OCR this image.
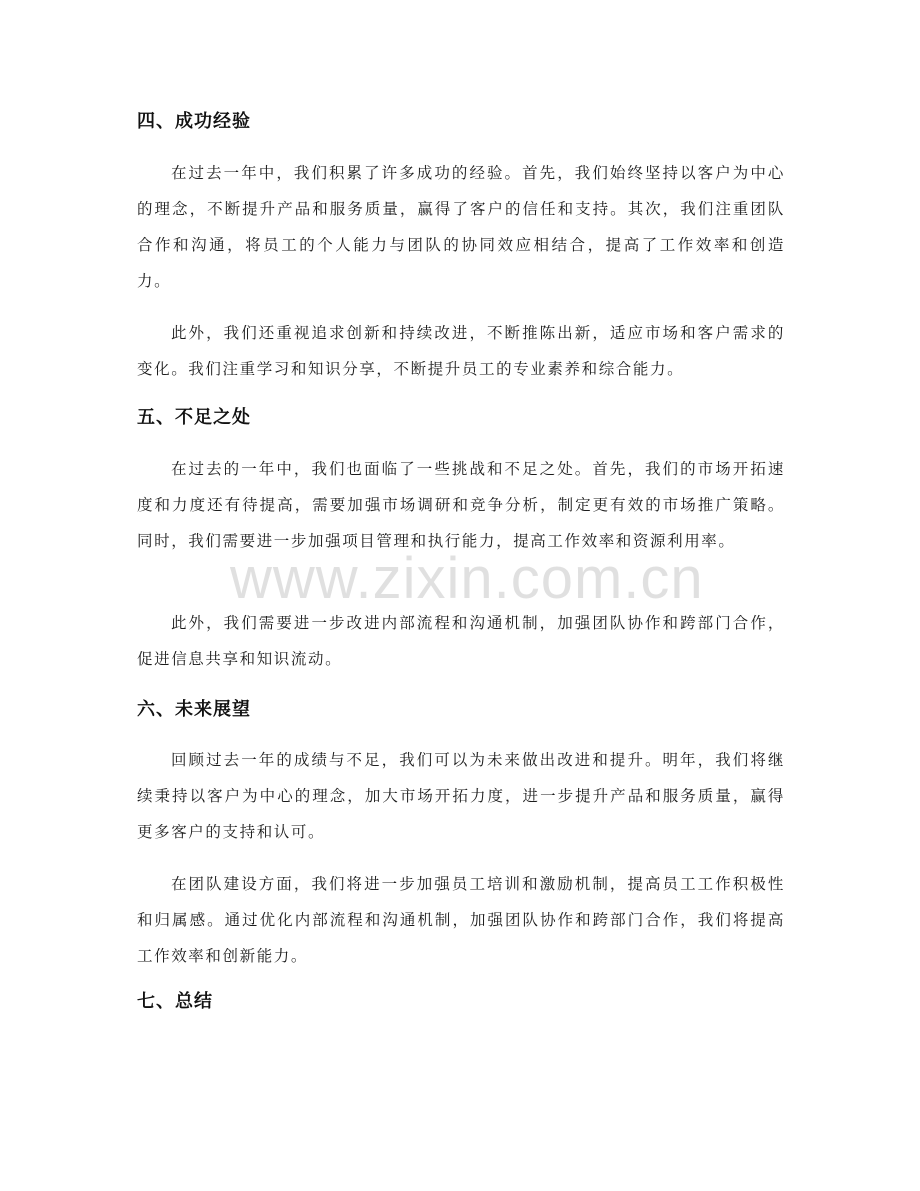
四、成功经验

在过去一年中，我们积累了许多成功的经验。首先，我们始终坚持以客户为中心的理念，不断提升产品和服务质量，赢得了客户的信任和支持。其次，我们注重团队合作和沟通，将员工的个人能力与团队的协同效应相结合，提高了工作效率和创造力。

此外，我们还重视追求创新和持续改进，不断推陈出新，适应市场和客户需求的变化。我们注重学习和知识分享，不断提升员工的专业素养和综合能力。

五、不足之处

在过去的一年中，我们也面临了一些挑战和不足之处。首先，我们的市场开拓速度和力度还有待提高，需要加强市场调研和竞争分析，制定更有效的市场推广策略。同时，我们需要进一步加强项目管理和执行能力，提高工作效率和资源利用率。

此外，我们需要进一步改进内部流程和沟通机制，加强团队协作和跨部门合作，促进信息共享和知识流动。

六、未来展望

回顾过去一年的成绩与不足，我们可以为未来做出改进和提升。明年，我们将继续秉持以客户为中心的理念，加大市场开拓力度，进一步提升产品和服务质量，赢得更多客户的支持和认可。

在团队建设方面，我们将进一步加强员工培训和激励机制，提高员工工作积极性和归属感。通过优化内部流程和沟通机制，加强团队协作和跨部门合作，我们将提高工作效率和创新能力。

七、总结
www.zixin.com.cn
